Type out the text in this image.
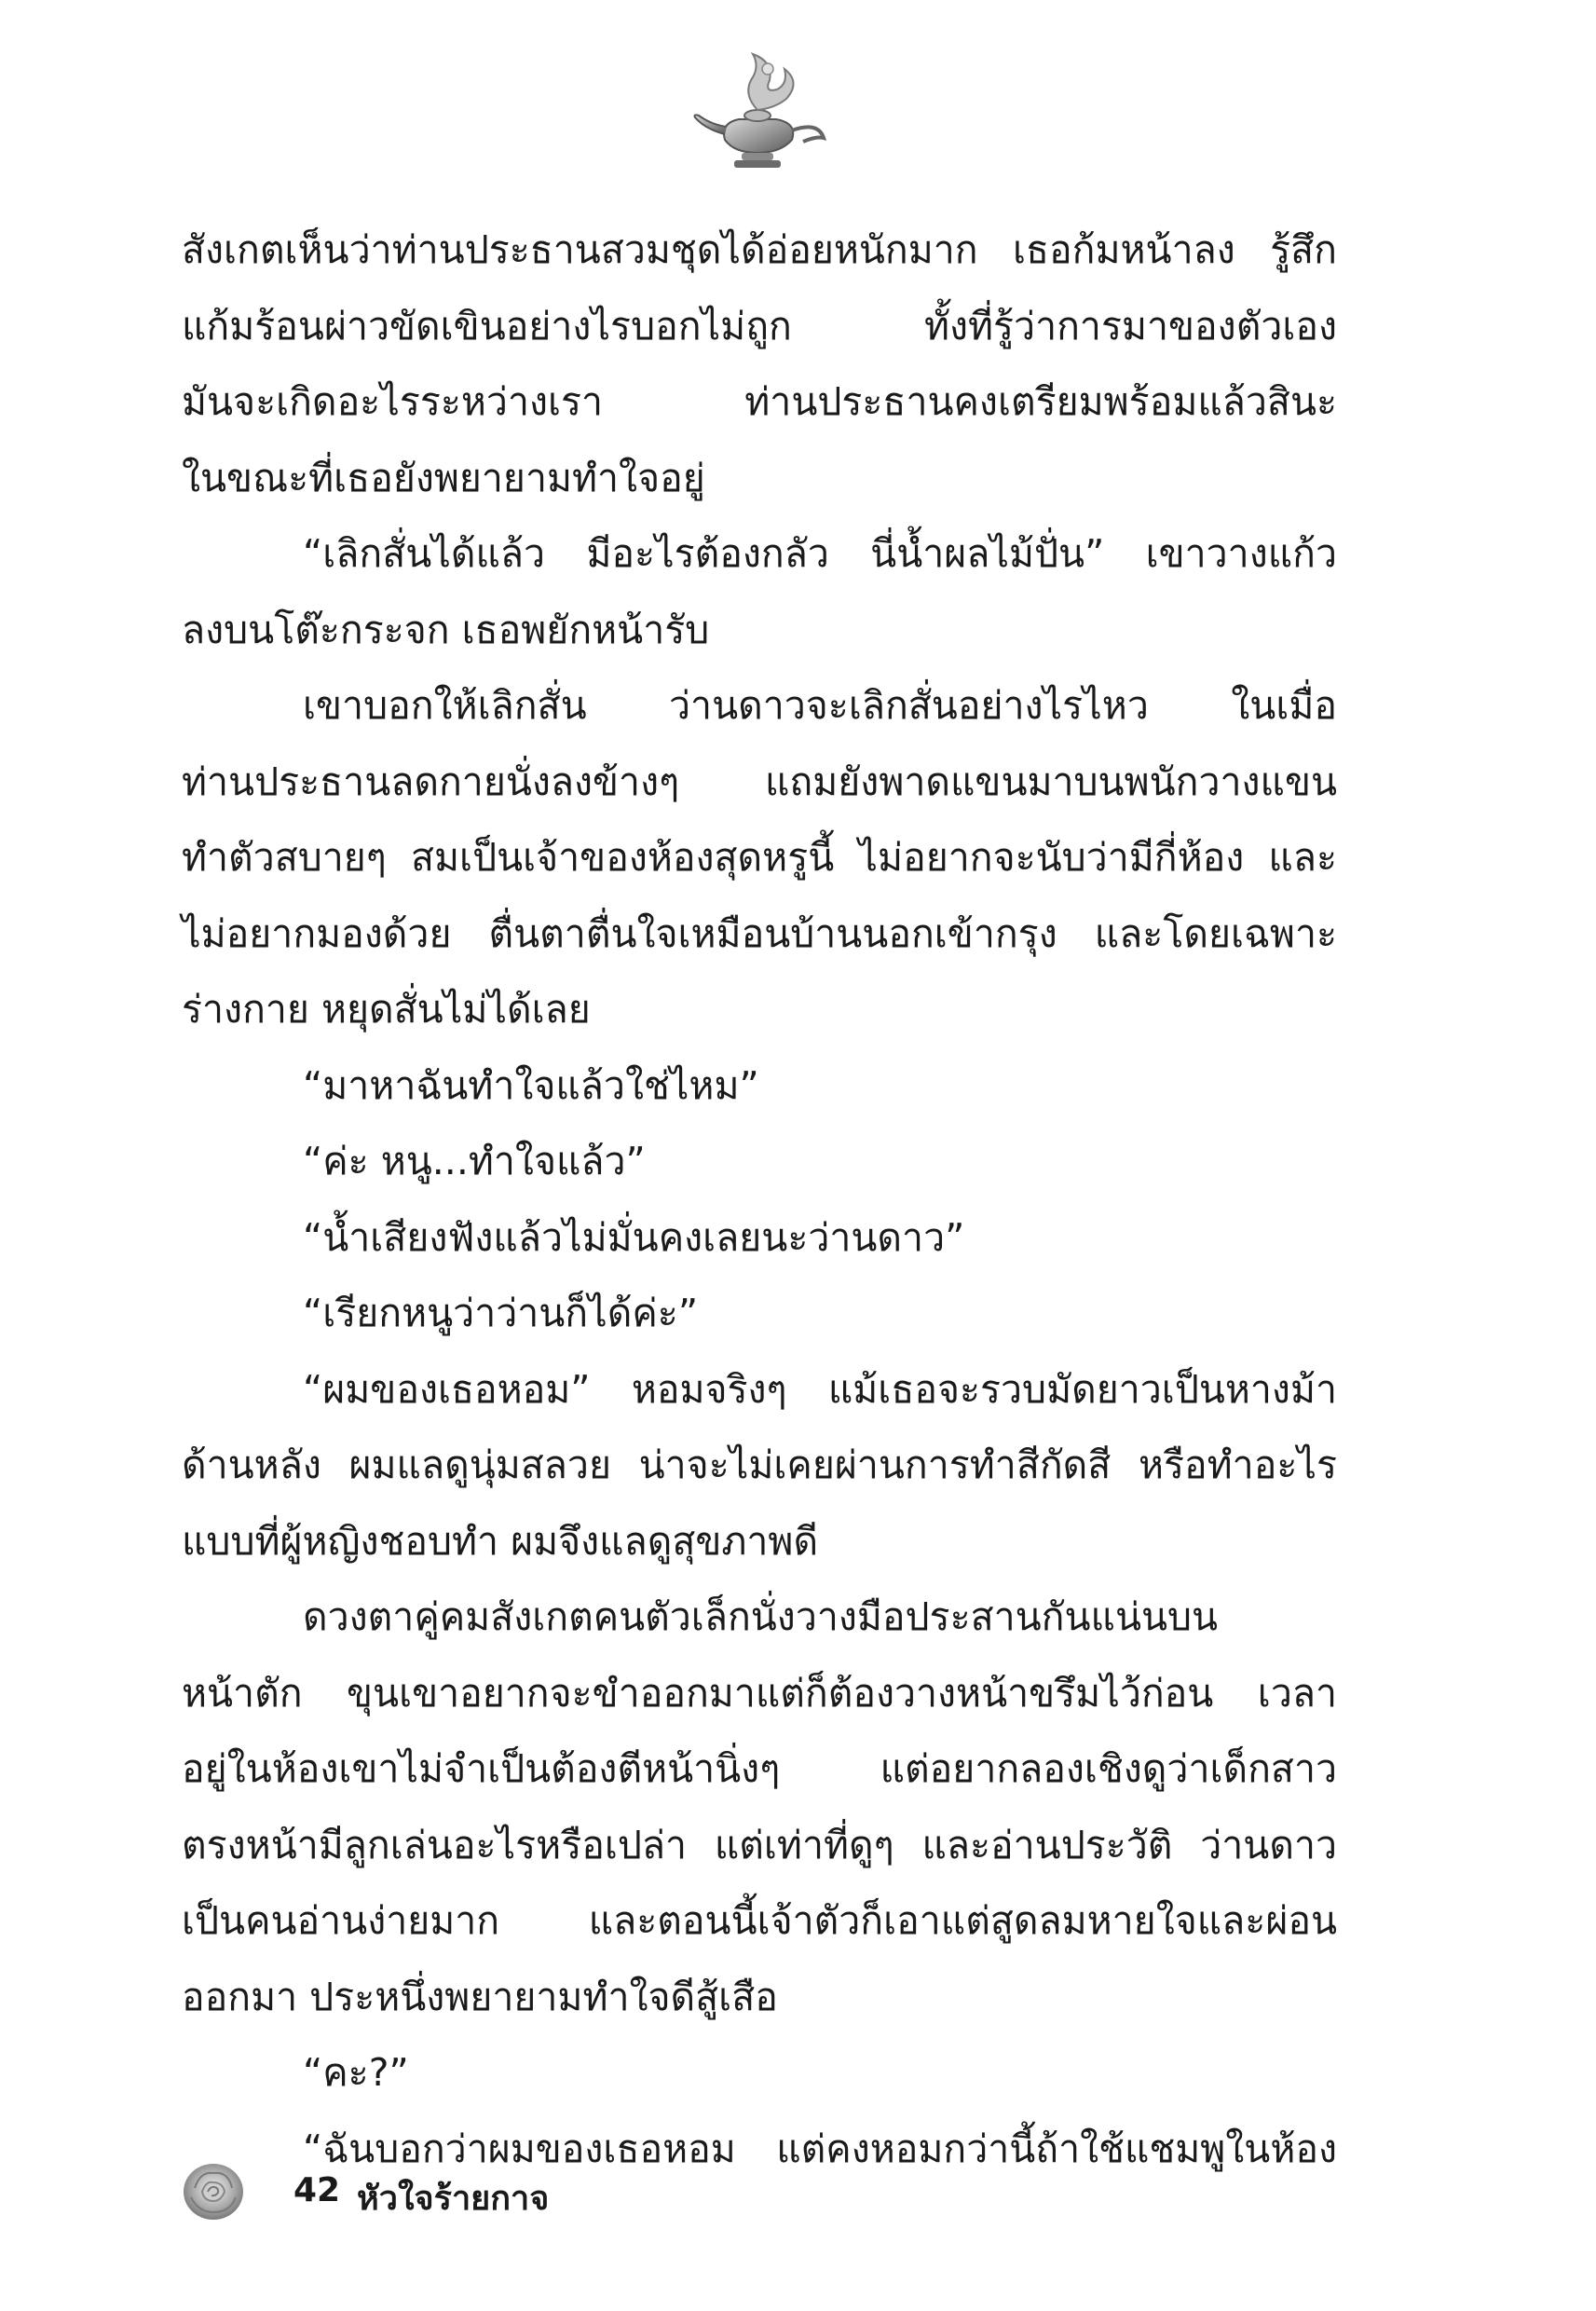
สังเกตเห็นว่าท่านประธานสวมชุดได้อ่อยหนักมาก เธอก้มหน้าลง รู้สึก

แก้มร้อนผ่าวขัดเขินอย่างไรบอกไม่ถูก ทั้งที่รู้ว่าการมาของตัวเอง

มันจะเกิดอะไรระหว่างเรา ท่านประธานคงเตรียมพร้อมแล้วสินะ

ในขณะที่เธอยังพยายามทำใจอยู่

“เลิกสั่นได้แล้ว มีอะไรต้องกลัว นี่น้ำผลไม้ปั่น” เขาวางแก้ว

ลงบนโต๊ะกระจก เธอพยักหน้ารับ

เขาบอกให้เลิกสั่น ว่านดาวจะเลิกสั่นอย่างไรไหว ในเมื่อ

ท่านประธานลดกายนั่งลงข้างๆ แถมยังพาดแขนมาบนพนักวางแขน

ทำตัวสบายๆ สมเป็นเจ้าของห้องสุดหรูนี้ ไม่อยากจะนับว่ามีกี่ห้อง และ

ไม่อยากมองด้วย ตื่นตาตื่นใจเหมือนบ้านนอกเข้ากรุง และโดยเฉพาะ

ร่างกาย หยุดสั่นไม่ได้เลย

“มาหาฉันทำใจแล้วใช่ไหม”

“ค่ะ หนู...ทำใจแล้ว”

“น้ำเสียงฟังแล้วไม่มั่นคงเลยนะว่านดาว”

“เรียกหนูว่าว่านก็ได้ค่ะ”

“ผมของเธอหอม” หอมจริงๆ แม้เธอจะรวบมัดยาวเป็นหางม้า

ด้านหลัง ผมแลดูนุ่มสลวย น่าจะไม่เคยผ่านการทำสีกัดสี หรือทำอะไร

แบบที่ผู้หญิงชอบทำ ผมจึงแลดูสุขภาพดี

ดวงตาคู่คมสังเกตคนตัวเล็กนั่งวางมือประสานกันแน่นบน

หน้าตัก ขุนเขาอยากจะขำออกมาแต่ก็ต้องวางหน้าขรึมไว้ก่อน เวลา

อยู่ในห้องเขาไม่จำเป็นต้องตีหน้านิ่งๆ แต่อยากลองเชิงดูว่าเด็กสาว

ตรงหน้ามีลูกเล่นอะไรหรือเปล่า แต่เท่าที่ดูๆ และอ่านประวัติ ว่านดาว

เป็นคนอ่านง่ายมาก และตอนนี้เจ้าตัวก็เอาแต่สูดลมหายใจและผ่อน

ออกมา ประหนึ่งพยายามทำใจดีสู้เสือ

“คะ?”

“ฉันบอกว่าผมของเธอหอม แต่คงหอมกว่านี้ถ้าใช้แชมพูในห้อง

42 หัวใจร้ายกาจ
